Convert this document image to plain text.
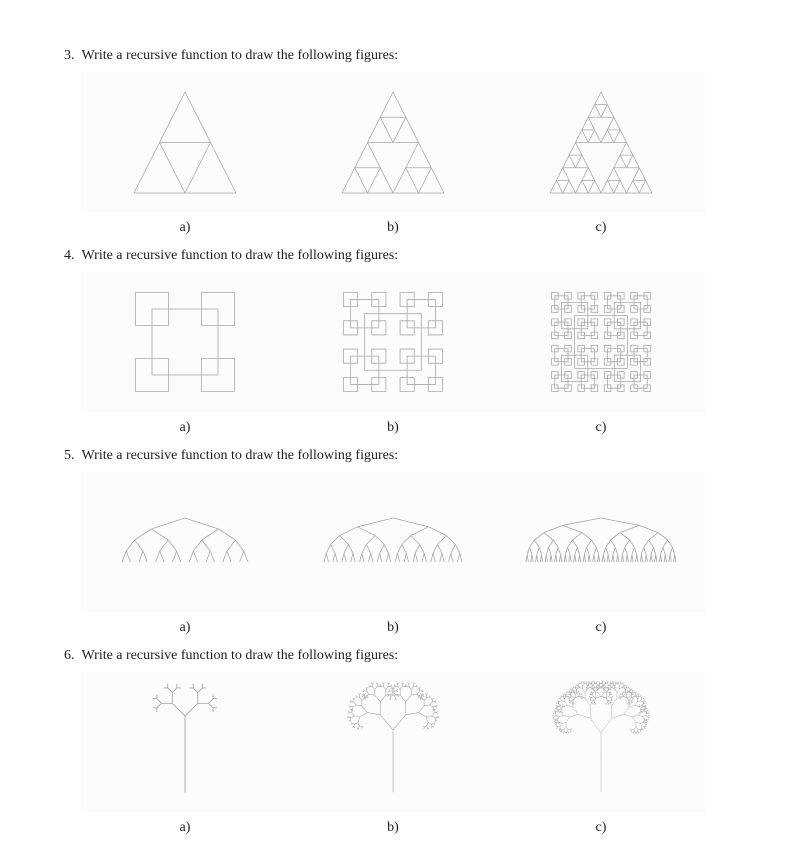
3. Write a recursive function to draw the following figures:
a)	b)	c)
4. Write a recursive function to draw the following figures:
a)	b)	c)
5. Write a recursive function to draw the following figures:
a)	b)	c)
6. Write a recursive function to draw the following figures:
a)	b)	c)
